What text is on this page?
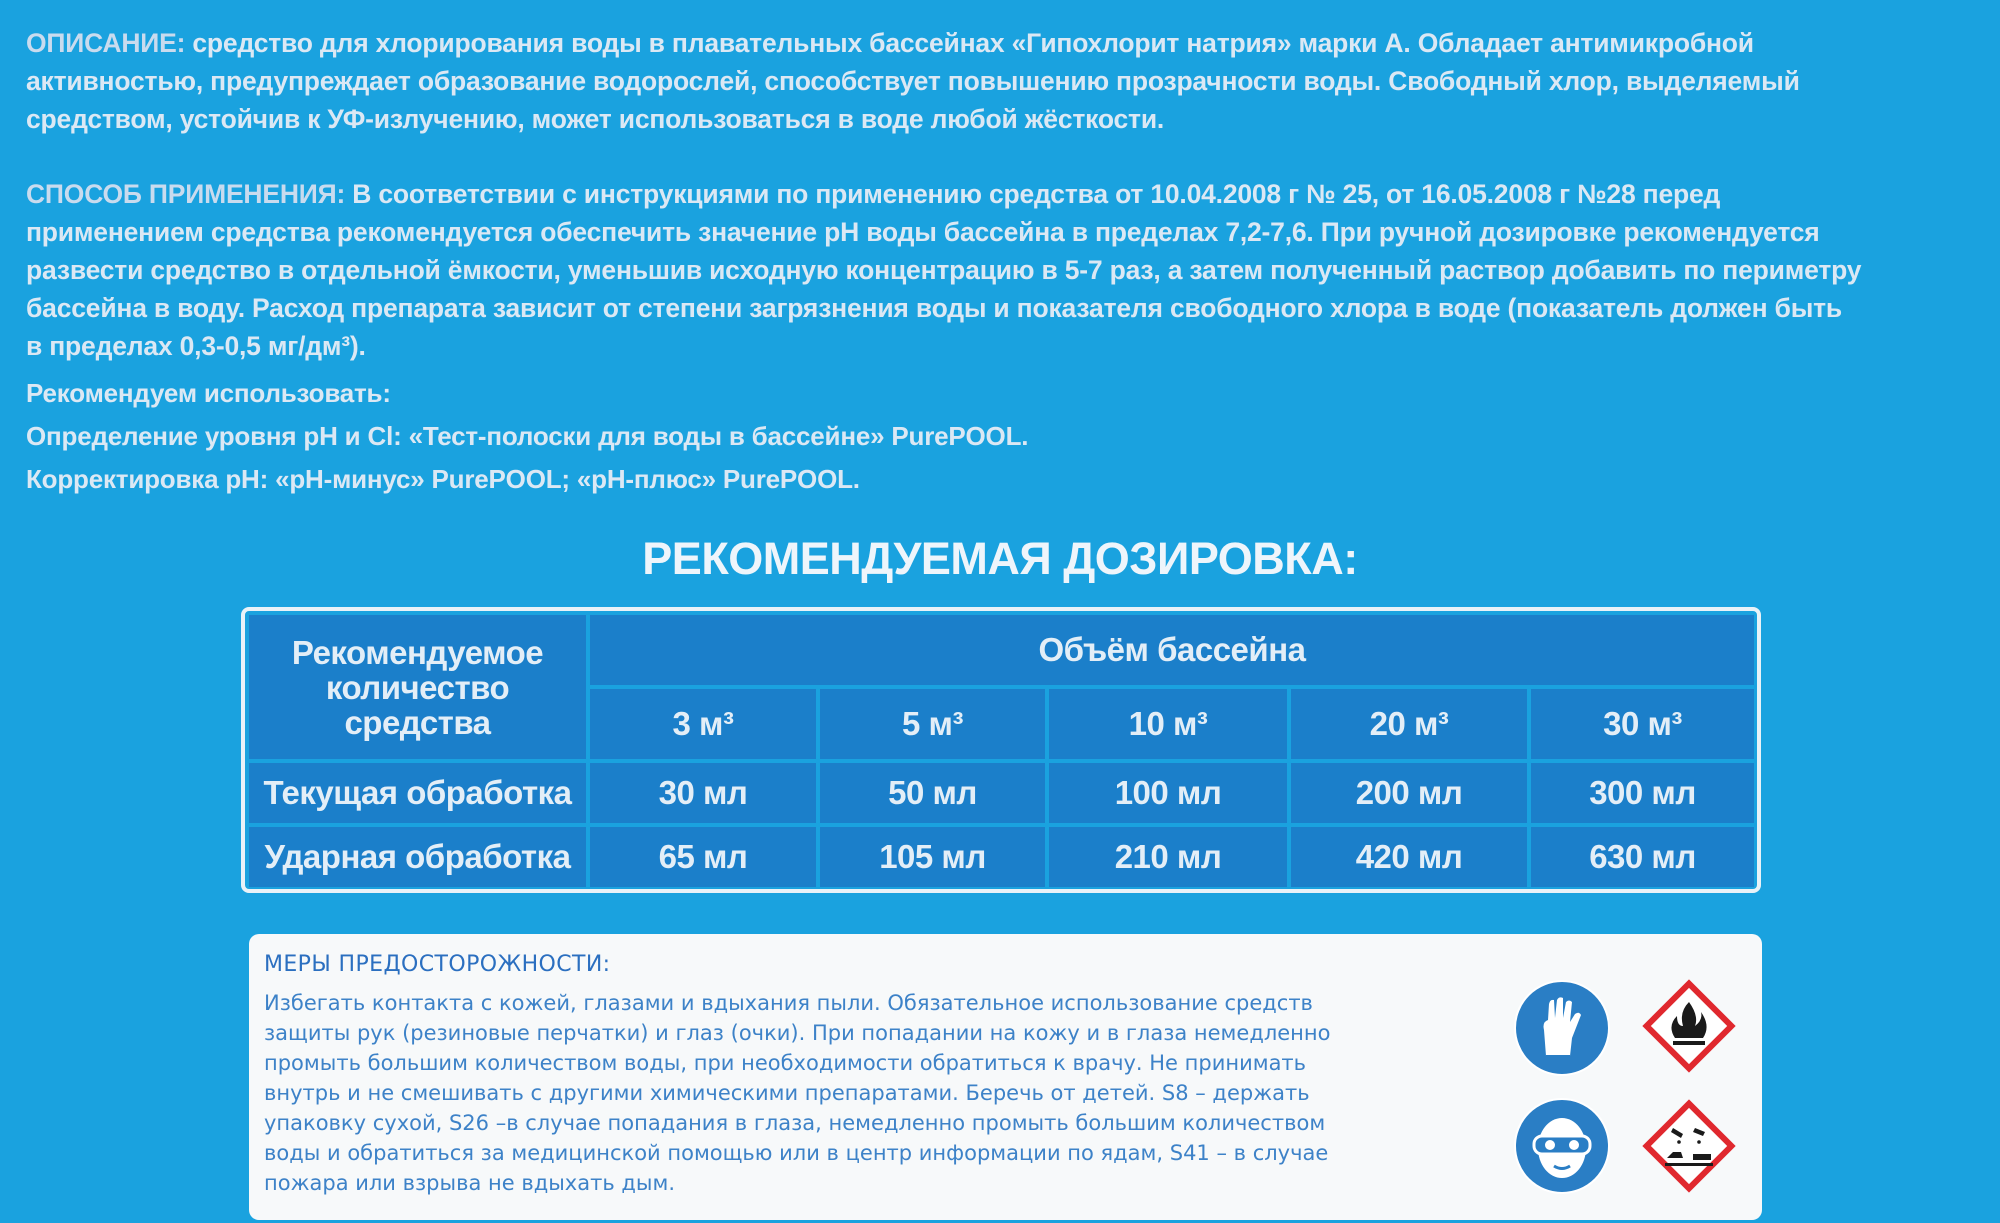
ОПИСАНИЕ: средство для хлорирования воды в плавательных бассейнах «Гипохлорит натрия» марки А. Обладает антимикробной
активностью, предупреждает образование водорослей, способствует повышению прозрачности воды. Свободный хлор, выделяемый
средством, устойчив к УФ-излучению, может использоваться в воде любой жёсткости.
СПОСОБ ПРИМЕНЕНИЯ: В соответствии с инструкциями по применению средства от 10.04.2008 г № 25, от 16.05.2008 г №28 перед
применением средства рекомендуется обеспечить значение pH воды бассейна в пределах 7,2-7,6. При ручной дозировке рекомендуется
развести средство в отдельной ёмкости, уменьшив исходную концентрацию в 5-7 раз, а затем полученный раствор добавить по периметру
бассейна в воду. Расход препарата зависит от степени загрязнения воды и показателя свободного хлора в воде (показатель должен быть
в пределах 0,3-0,5 мг/дм³).
Рекомендуем использовать:
Определение уровня pH и Cl: «Тест-полоски для воды в бассейне» PurePOOL.
Корректировка pH: «pH-минус» PurePOOL; «pH-плюс» PurePOOL.
РЕКОМЕНДУЕМАЯ ДОЗИРОВКА:
Рекомендуемое количество средства
Объём бассейна
3 м³	5 м³	10 м³	20 м³	30 м³
Текущая обработка	30 мл	50 мл	100 мл	200 мл	300 мл
Ударная обработка	65 мл	105 мл	210 мл	420 мл	630 мл
МЕРЫ ПРЕДОСТОРОЖНОСТИ:
Избегать контакта с кожей, глазами и вдыхания пыли. Обязательное использование средств
защиты рук (резиновые перчатки) и глаз (очки). При попадании на кожу и в глаза немедленно
промыть большим количеством воды, при необходимости обратиться к врачу. Не принимать
внутрь и не смешивать с другими химическими препаратами. Беречь от детей. S8 – держать
упаковку сухой, S26 –в случае попадания в глаза, немедленно промыть большим количеством
воды и обратиться за медицинской помощью или в центр информации по ядам, S41 – в случае
пожара или взрыва не вдыхать дым.
